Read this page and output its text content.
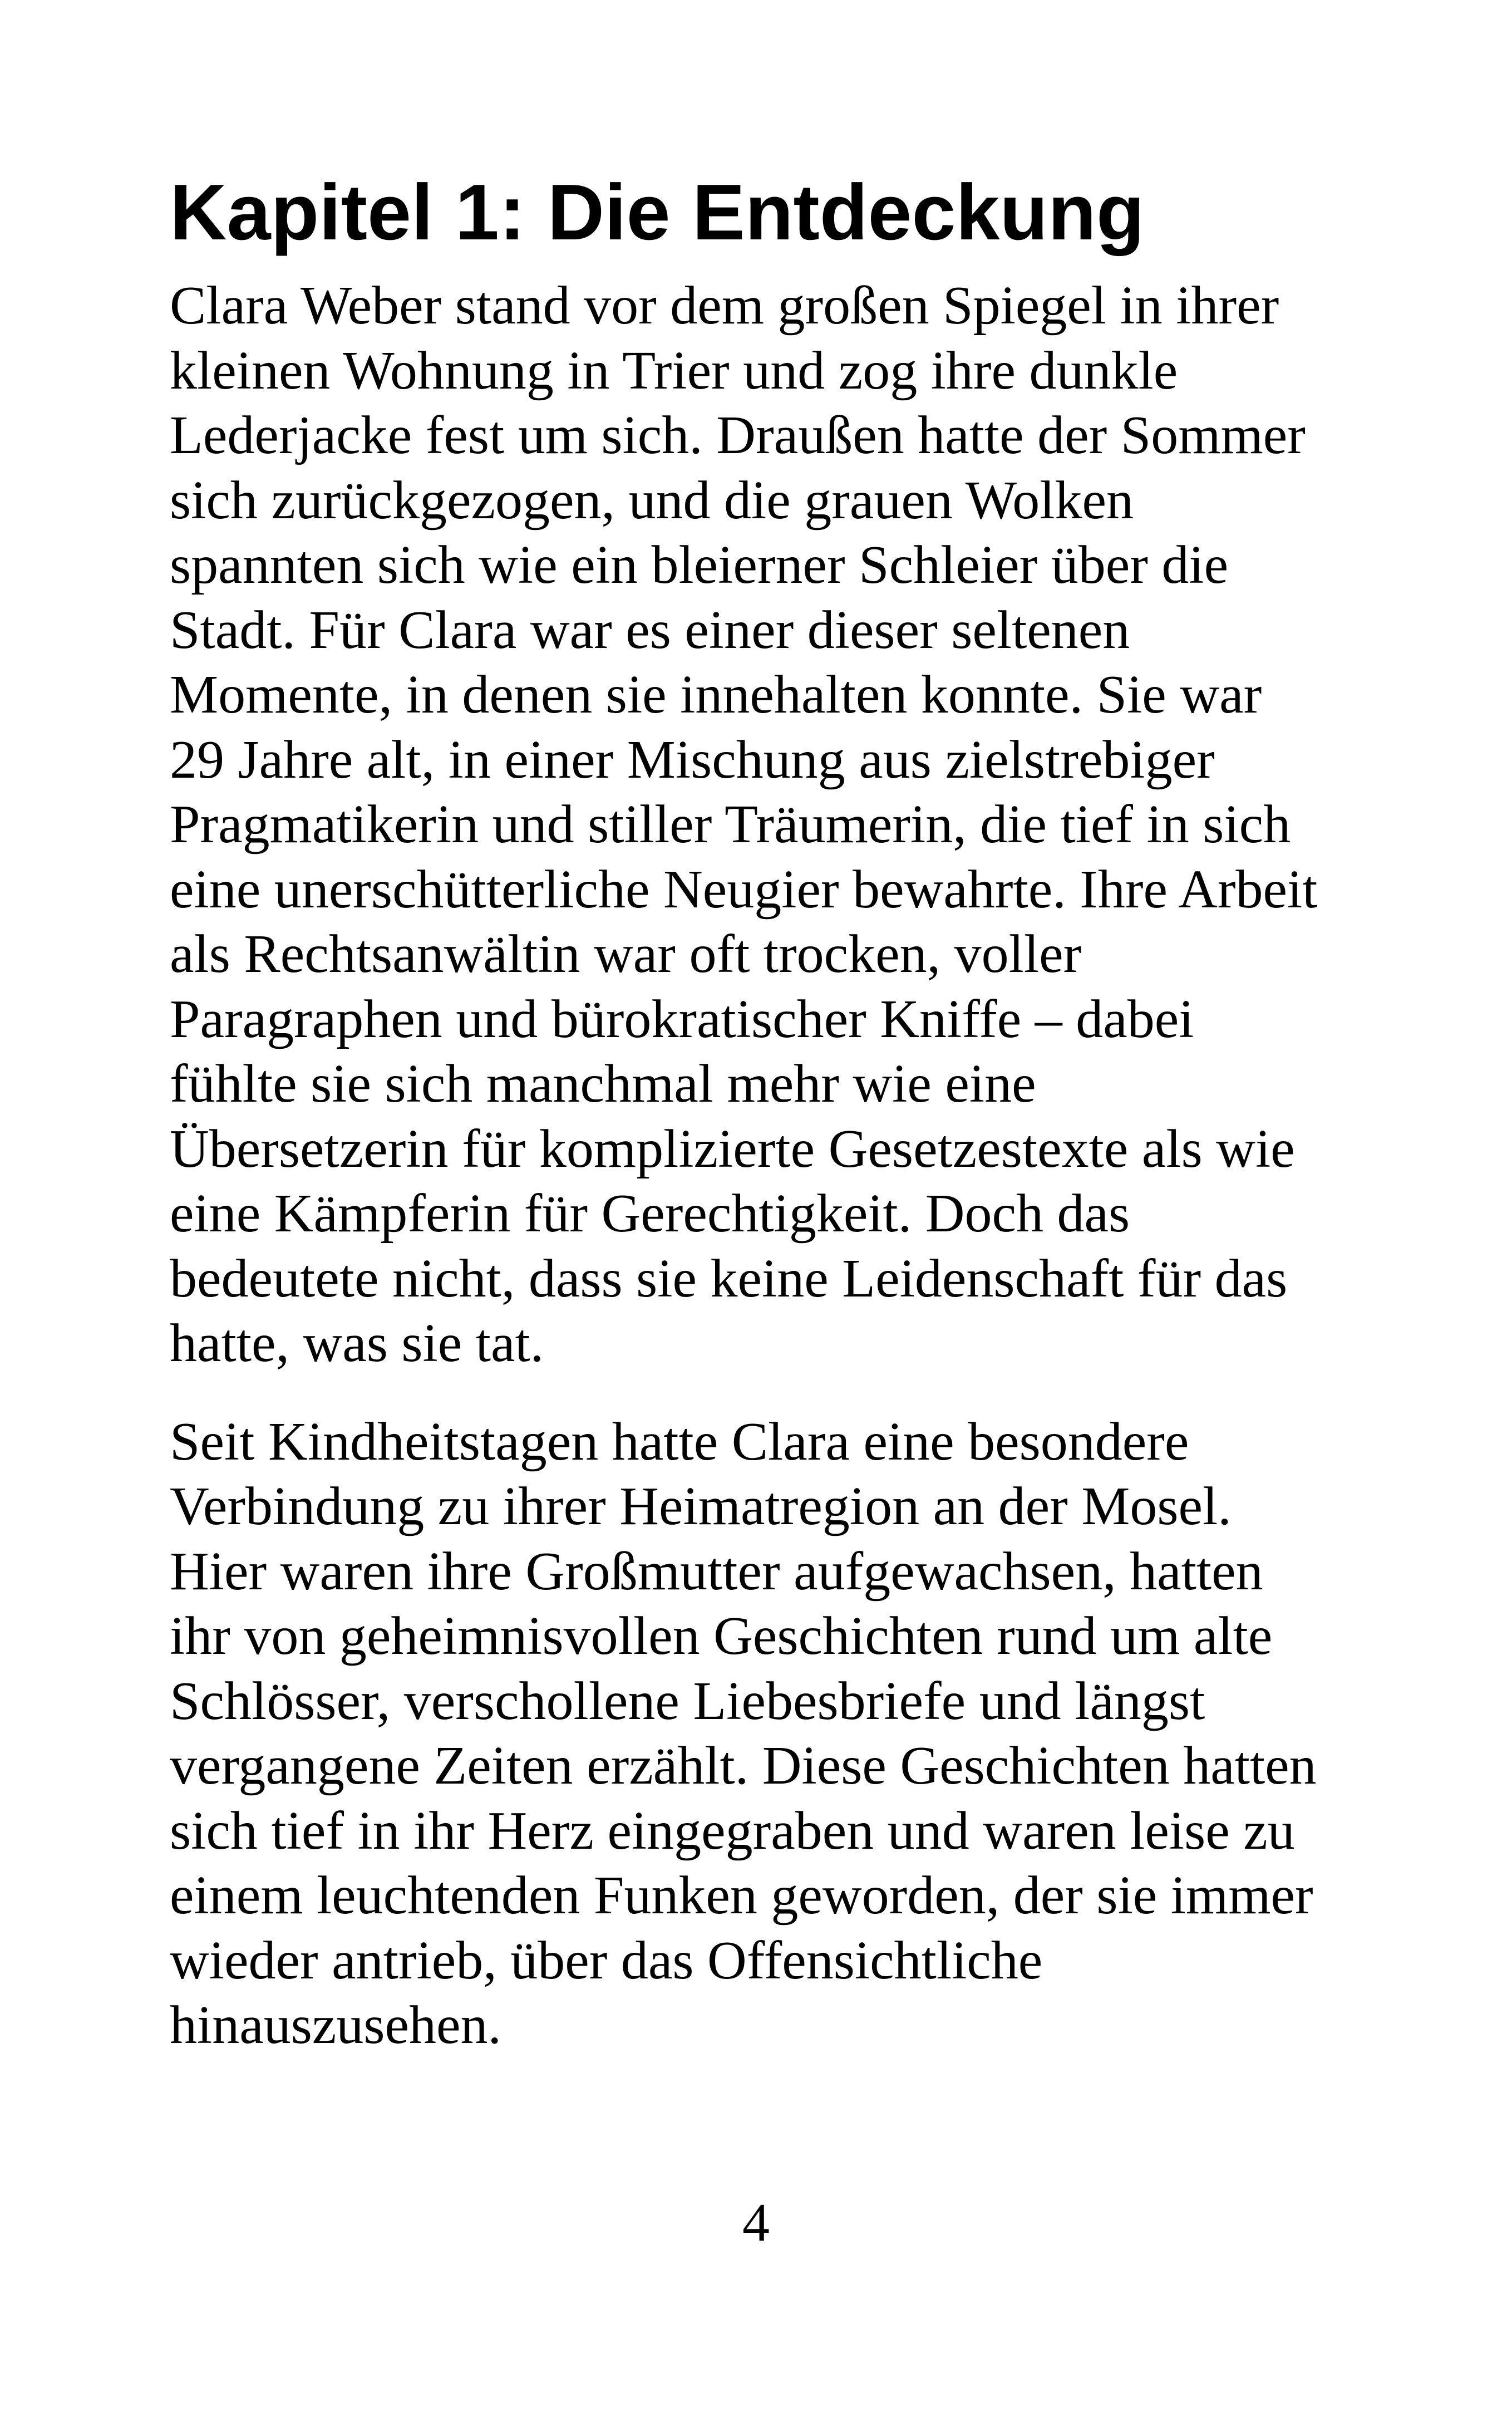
Kapitel 1: Die Entdeckung

Clara Weber stand vor dem großen Spiegel in ihrer
kleinen Wohnung in Trier und zog ihre dunkle
Lederjacke fest um sich. Draußen hatte der Sommer
sich zurückgezogen, und die grauen Wolken
spannten sich wie ein bleierner Schleier über die
Stadt. Für Clara war es einer dieser seltenen
Momente, in denen sie innehalten konnte. Sie war
29 Jahre alt, in einer Mischung aus zielstrebiger
Pragmatikerin und stiller Träumerin, die tief in sich
eine unerschütterliche Neugier bewahrte. Ihre Arbeit
als Rechtsanwältin war oft trocken, voller
Paragraphen und bürokratischer Kniffe – dabei
fühlte sie sich manchmal mehr wie eine
Übersetzerin für komplizierte Gesetzestexte als wie
eine Kämpferin für Gerechtigkeit. Doch das
bedeutete nicht, dass sie keine Leidenschaft für das
hatte, was sie tat.

Seit Kindheitstagen hatte Clara eine besondere
Verbindung zu ihrer Heimatregion an der Mosel.
Hier waren ihre Großmutter aufgewachsen, hatten
ihr von geheimnisvollen Geschichten rund um alte
Schlösser, verschollene Liebesbriefe und längst
vergangene Zeiten erzählt. Diese Geschichten hatten
sich tief in ihr Herz eingegraben und waren leise zu
einem leuchtenden Funken geworden, der sie immer
wieder antrieb, über das Offensichtliche
hinauszusehen.

4
